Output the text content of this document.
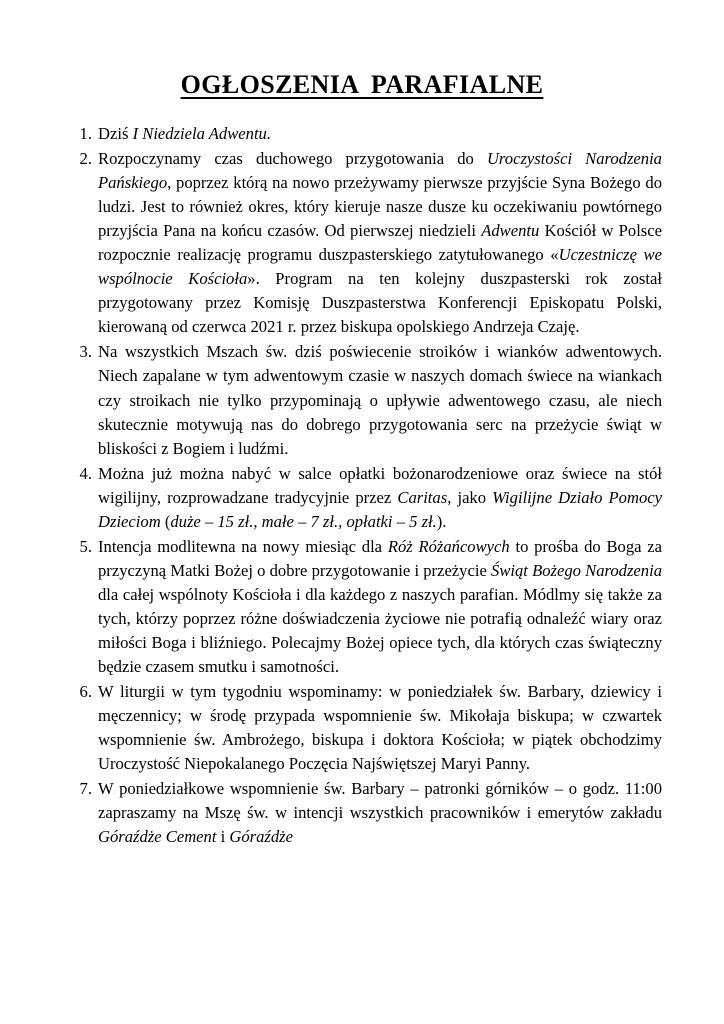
OGŁOSZENIA PARAFIALNE
Dziś I Niedziela Adwentu.
Rozpoczynamy czas duchowego przygotowania do Uroczystości Narodzenia Pańskiego, poprzez którą na nowo przeżywamy pierwsze przyjście Syna Bożego do ludzi. Jest to również okres, który kieruje nasze dusze ku oczekiwaniu powtórnego przyjścia Pana na końcu czasów. Od pierwszej niedzieli Adwentu Kościół w Polsce rozpocznie realizację programu duszpasterskiego zatytułowanego «Uczestniczę we wspólnocie Kościoła». Program na ten kolejny duszpasterski rok został przygotowany przez Komisję Duszpasterstwa Konferencji Episkopatu Polski, kierowaną od czerwca 2021 r. przez biskupa opolskiego Andrzeja Czaję.
Na wszystkich Mszach św. dziś poświecenie stroików i wianków adwentowych. Niech zapalane w tym adwentowym czasie w naszych domach świece na wiankach czy stroikach nie tylko przypominają o upływie adwentowego czasu, ale niech skutecznie motywują nas do dobrego przygotowania serc na przeżycie świąt w bliskości z Bogiem i ludźmi.
Można już można nabyć w salce opłatki bożonarodzeniowe oraz świece na stół wigilijny, rozprowadzane tradycyjnie przez Caritas, jako Wigilijne Działo Pomocy Dzieciom (duże – 15 zł., małe – 7 zł., opłatki – 5 zł.).
Intencja modlitewna na nowy miesiąc dla Róż Różańcowych to prośba do Boga za przyczyną Matki Bożej o dobre przygotowanie i przeżycie Świąt Bożego Narodzenia dla całej wspólnoty Kościoła i dla każdego z naszych parafian. Módlmy się także za tych, którzy poprzez różne doświadczenia życiowe nie potrafią odnaleźć wiary oraz miłości Boga i bliźniego. Polecajmy Bożej opiece tych, dla których czas świąteczny będzie czasem smutku i samotności.
W liturgii w tym tygodniu wspominamy: w poniedziałek św. Barbary, dziewicy i męczennicy; w środę przypada wspomnienie św. Mikołaja biskupa; w czwartek wspomnienie św. Ambrożego, biskupa i doktora Kościoła; w piątek obchodzimy Uroczystość Niepokalanego Poczęcia Najświętszej Maryi Panny.
W poniedziałkowe wspomnienie św. Barbary – patronki górników – o godz. 11:00 zapraszamy na Mszę św. w intencji wszystkich pracowników i emerytów zakładu Góraźdże Cement i Góraźdże
